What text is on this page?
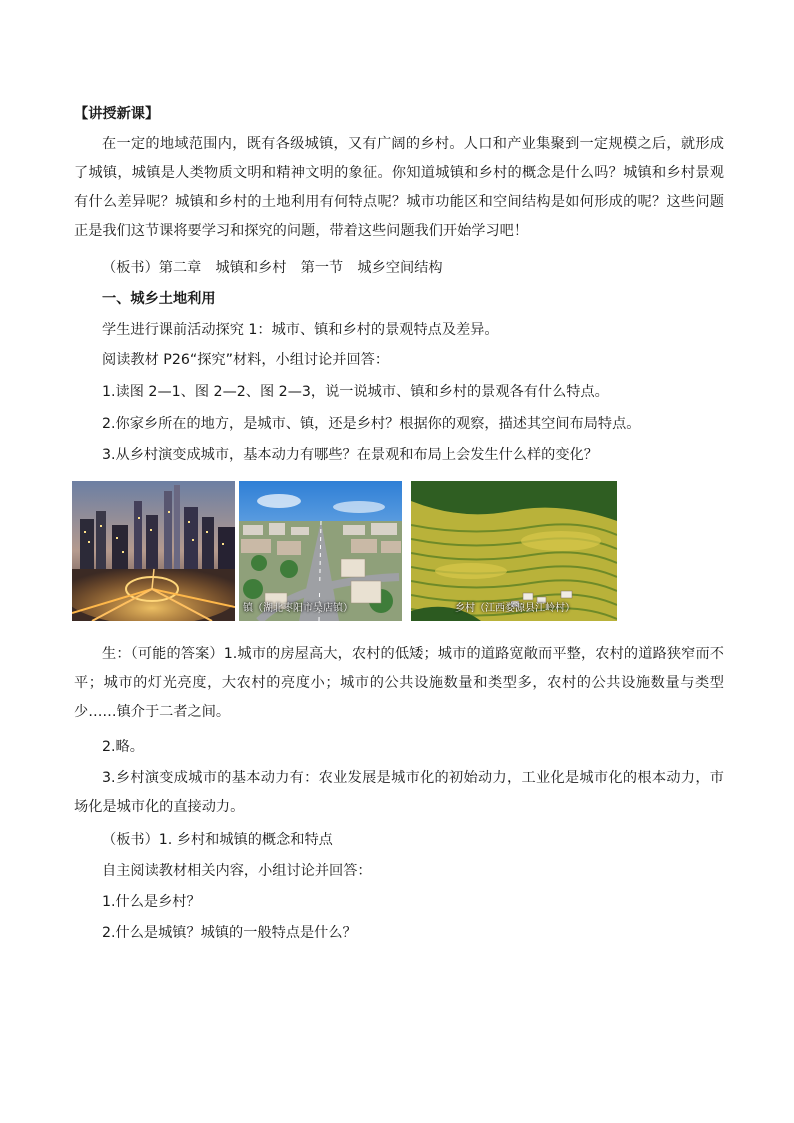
【讲授新课】
在一定的地域范围内，既有各级城镇，又有广阔的乡村。人口和产业集聚到一定规模之后，就形成了城镇，城镇是人类物质文明和精神文明的象征。你知道城镇和乡村的概念是什么吗？城镇和乡村景观有什么差异呢？城镇和乡村的土地利用有何特点呢？城市功能区和空间结构是如何形成的呢？这些问题正是我们这节课将要学习和探究的问题，带着这些问题我们开始学习吧！
（板书）第二章　城镇和乡村　第一节　城乡空间结构
一、城乡土地利用
学生进行课前活动探究 1：城市、镇和乡村的景观特点及差异。
阅读教材 P26“探究”材料，小组讨论并回答：
1.读图 2—1、图 2—2、图 2—3，说一说城市、镇和乡村的景观各有什么特点。
2.你家乡所在的地方，是城市、镇，还是乡村？根据你的观察，描述其空间布局特点。
3.从乡村演变成城市，基本动力有哪些？在景观和布局上会发生什么样的变化？
镇（湖北枣阳市吴店镇）	乡村（江西婺源县江岭村）
生：（可能的答案）1.城市的房屋高大，农村的低矮；城市的道路宽敞而平整，农村的道路狭窄而不平；城市的灯光亮度，大农村的亮度小；城市的公共设施数量和类型多，农村的公共设施数量与类型少……镇介于二者之间。
2.略。
3.乡村演变成城市的基本动力有：农业发展是城市化的初始动力，工业化是城市化的根本动力，市场化是城市化的直接动力。
（板书）1. 乡村和城镇的概念和特点
自主阅读教材相关内容，小组讨论并回答：
1.什么是乡村？
2.什么是城镇？城镇的一般特点是什么？
